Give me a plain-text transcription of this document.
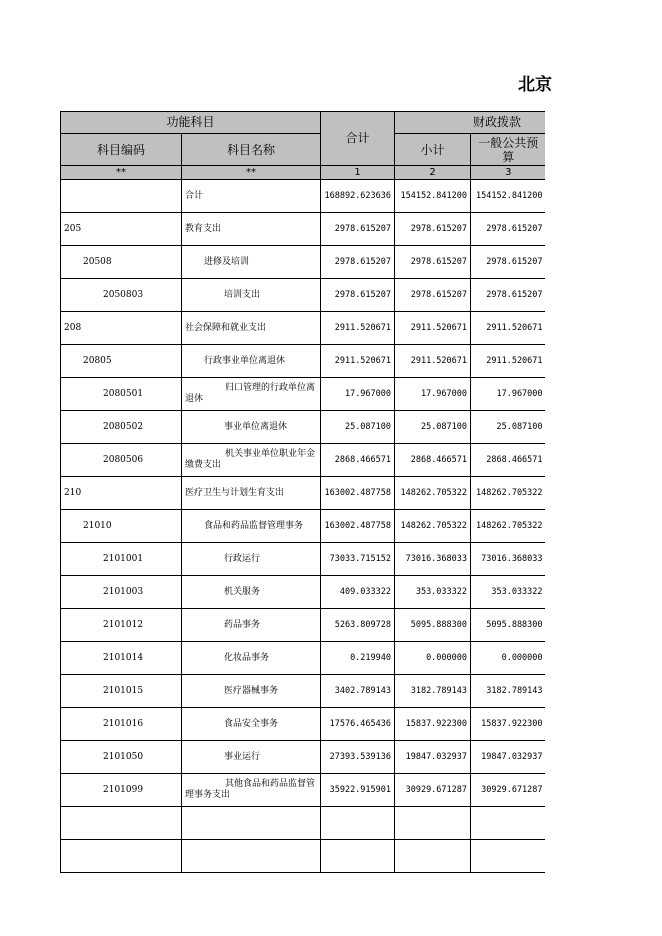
北京
功能科目		合计	财政拨款	
科目编码	科目名称		小计	一般公共预算
**	**	1	2	3
	合计	168892.623636	154152.841200	154152.841200
205	教育支出	2978.615207	2978.615207	2978.615207
20508	进修及培训	2978.615207	2978.615207	2978.615207
2050803	培训支出	2978.615207	2978.615207	2978.615207
208	社会保障和就业支出	2911.520671	2911.520671	2911.520671
20805	行政事业单位离退休	2911.520671	2911.520671	2911.520671
2080501	归口管理的行政单位离退休	17.967000	17.967000	17.967000
2080502	事业单位离退休	25.087100	25.087100	25.087100
2080506	机关事业单位职业年金缴费支出	2868.466571	2868.466571	2868.466571
210	医疗卫生与计划生育支出	163002.487758	148262.705322	148262.705322
21010	食品和药品监督管理事务	163002.487758	148262.705322	148262.705322
2101001	行政运行	73033.715152	73016.368033	73016.368033
2101003	机关服务	409.033322	353.033322	353.033322
2101012	药品事务	5263.809728	5095.888300	5095.888300
2101014	化妆品事务	0.219940	0.000000	0.000000
2101015	医疗器械事务	3402.789143	3182.789143	3182.789143
2101016	食品安全事务	17576.465436	15837.922300	15837.922300
2101050	事业运行	27393.539136	19847.032937	19847.032937
2101099	其他食品和药品监督管理事务支出	35922.915901	30929.671287	30929.671287
